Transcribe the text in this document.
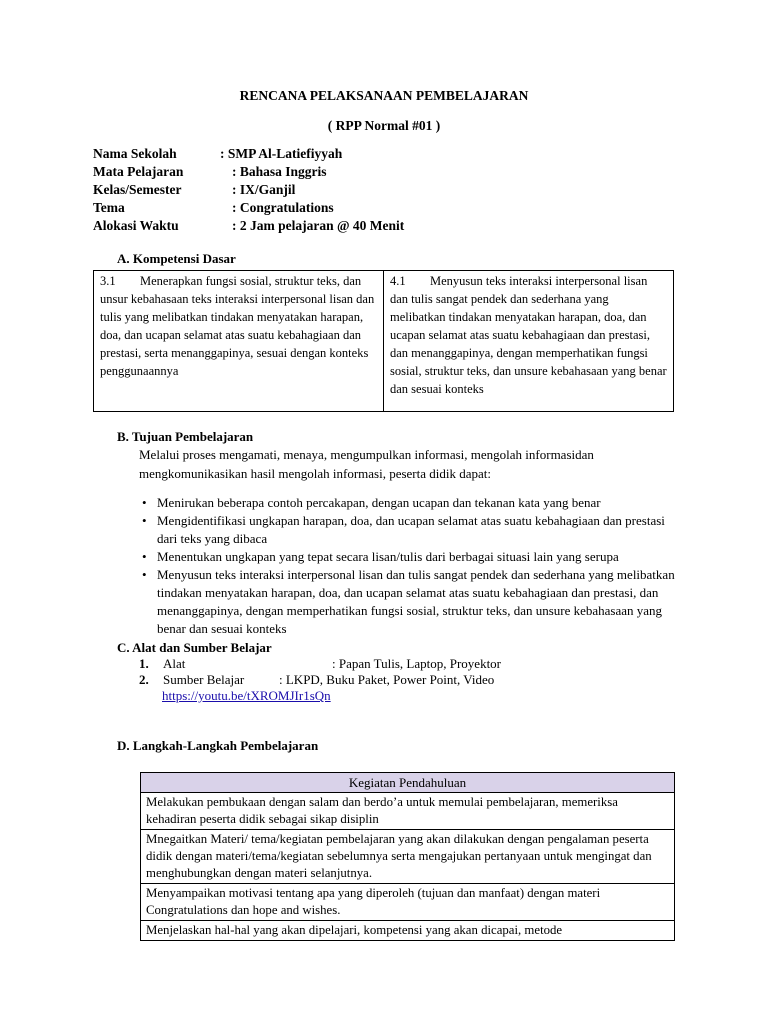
RENCANA PELAKSANAAN PEMBELAJARAN
( RPP Normal #01 )
Nama Sekolah	: SMP Al-Latiefiyyah
Mata Pelajaran	: Bahasa Inggris
Kelas/Semester	: IX/Ganjil
Tema	: Congratulations
Alokasi Waktu	: 2 Jam pelajaran @ 40 Menit
A. Kompetensi Dasar
3.1 Menerapkan fungsi sosial, struktur teks, dan unsur kebahasaan teks interaksi interpersonal lisan dan tulis yang melibatkan tindakan menyatakan harapan, doa, dan ucapan selamat atas suatu kebahagiaan dan prestasi, serta menanggapinya, sesuai dengan konteks penggunaannya
4.1 Menyusun teks interaksi interpersonal lisan dan tulis sangat pendek dan sederhana yang melibatkan tindakan menyatakan harapan, doa, dan ucapan selamat atas suatu kebahagiaan dan prestasi, dan menanggapinya, dengan memperhatikan fungsi sosial, struktur teks, dan unsure kebahasaan yang benar dan sesuai konteks
B. Tujuan Pembelajaran
Melalui proses mengamati, menaya, mengumpulkan informasi, mengolah informasidan mengkomunikasikan hasil mengolah informasi, peserta didik dapat:
• Menirukan beberapa contoh percakapan, dengan ucapan dan tekanan kata yang benar
• Mengidentifikasi ungkapan harapan, doa, dan ucapan selamat atas suatu kebahagiaan dan prestasi dari teks yang dibaca
• Menentukan ungkapan yang tepat secara lisan/tulis dari berbagai situasi lain yang serupa
• Menyusun teks interaksi interpersonal lisan dan tulis sangat pendek dan sederhana yang melibatkan tindakan menyatakan harapan, doa, dan ucapan selamat atas suatu kebahagiaan dan prestasi, dan menanggapinya, dengan memperhatikan fungsi sosial, struktur teks, dan unsure kebahasaan yang benar dan sesuai konteks
C. Alat dan Sumber Belajar
1. Alat	: Papan Tulis, Laptop, Proyektor
2. Sumber Belajar	: LKPD, Buku Paket, Power Point, Video
https://youtu.be/tXROMJIr1sQn
D. Langkah-Langkah Pembelajaran
Kegiatan Pendahuluan
Melakukan pembukaan dengan salam dan berdo’a untuk memulai pembelajaran, memeriksa kehadiran peserta didik sebagai sikap disiplin
Mnegaitkan Materi/ tema/kegiatan pembelajaran yang akan dilakukan dengan pengalaman peserta didik dengan materi/tema/kegiatan sebelumnya serta mengajukan pertanyaan untuk mengingat dan menghubungkan dengan materi selanjutnya.
Menyampaikan motivasi tentang apa yang diperoleh (tujuan dan manfaat) dengan materi Congratulations dan hope and wishes.
Menjelaskan hal-hal yang akan dipelajari, kompetensi yang akan dicapai, metode
